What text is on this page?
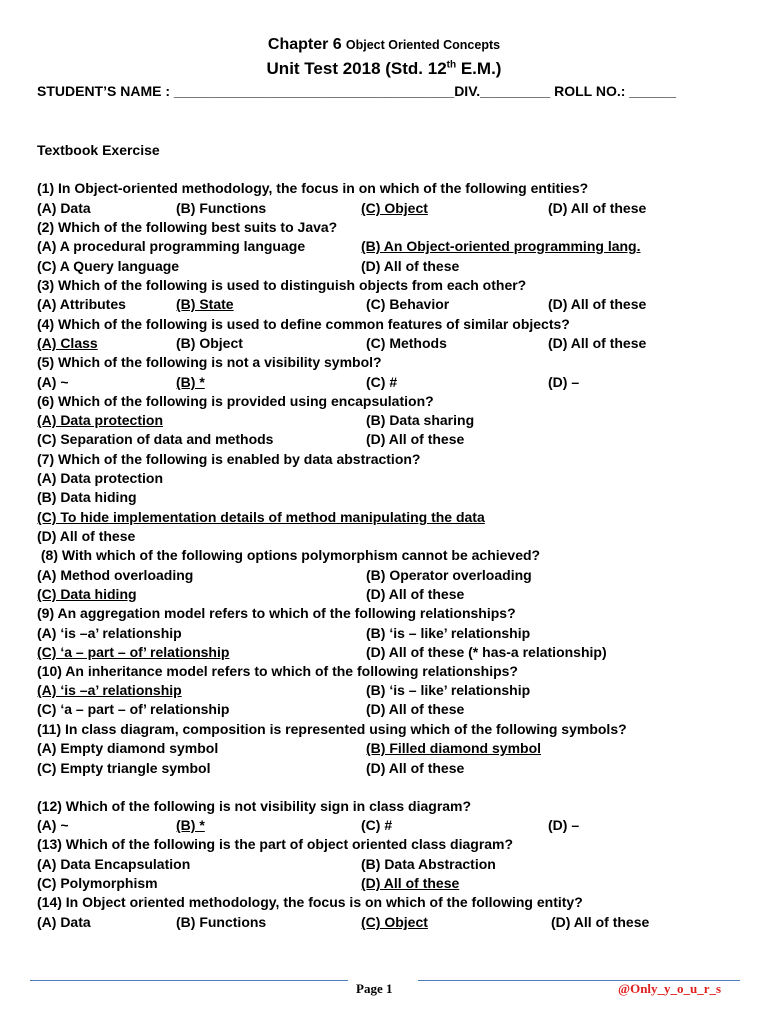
Chapter 6 Object Oriented Concepts
Unit Test 2018 (Std. 12th E.M.)
STUDENT’S NAME : ____________________________________DIV._________ ROLL NO.: ______
Textbook Exercise
(1) In Object-oriented methodology, the focus in on which of the following entities?
(A) Data	(B) Functions	(C) Object	(D) All of these
(2) Which of the following best suits to Java?
(A) A procedural programming language	(B) An Object-oriented programming lang.
(C) A Query language	(D) All of these
(3) Which of the following is used to distinguish objects from each other?
(A) Attributes	(B) State	(C) Behavior	(D) All of these
(4) Which of the following is used to define common features of similar objects?
(A) Class	(B) Object	(C) Methods	(D) All of these
(5) Which of the following is not a visibility symbol?
(A) ~	(B) *	(C) #	(D) –
(6) Which of the following is provided using encapsulation?
(A) Data protection	(B) Data sharing
(C) Separation of data and methods	(D) All of these
(7) Which of the following is enabled by data abstraction?
(A) Data protection
(B) Data hiding
(C) To hide implementation details of method manipulating the data
(D) All of these
(8) With which of the following options polymorphism cannot be achieved?
(A) Method overloading	(B) Operator overloading
(C) Data hiding	(D) All of these
(9) An aggregation model refers to which of the following relationships?
(A) ‘is –a’ relationship	(B) ‘is – like’ relationship
(C) ‘a – part – of’ relationship	(D) All of these (* has-a relationship)
(10) An inheritance model refers to which of the following relationships?
(A) ‘is –a’ relationship	(B) ‘is – like’ relationship
(C) ‘a – part – of’ relationship	(D) All of these
(11) In class diagram, composition is represented using which of the following symbols?
(A) Empty diamond symbol	(B) Filled diamond symbol
(C) Empty triangle symbol	(D) All of these
(12) Which of the following is not visibility sign in class diagram?
(A) ~	(B) *	(C) #	(D) –
(13) Which of the following is the part of object oriented class diagram?
(A) Data Encapsulation	(B) Data Abstraction
(C) Polymorphism	(D) All of these
(14) In Object oriented methodology, the focus is on which of the following entity?
(A) Data	(B) Functions	(C) Object	(D) All of these
Page 1	@Only_y_o_u_r_s
